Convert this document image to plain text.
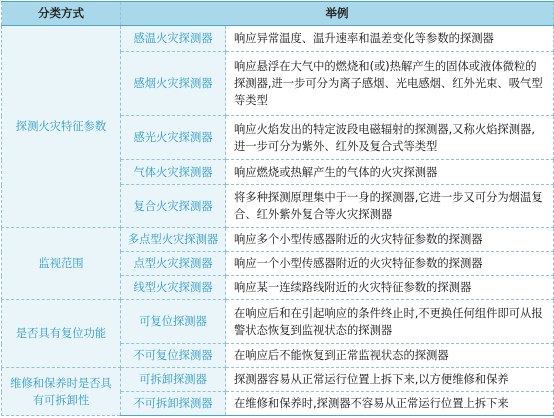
分类方式	举例	
探测火灾特征参数	感温火灾探测器	响应异常温度、温升速率和温差变化等参数的探测器
	感烟火灾探测器	响应悬浮在大气中的燃烧和(或)热解产生的固体或液体微粒的探测器,进一步可分为离子感烟、光电感烟、红外光束、吸气型等类型
	感光火灾探测器	响应火焰发出的特定波段电磁辐射的探测器,又称火焰探测器,进一步可分为紫外、红外及复合式等类型
	气体火灾探测器	响应燃烧或热解产生的气体的火灾探测器
	复合火灾探测器	将多种探测原理集中于一身的探测器,它进一步又可分为烟温复合、红外紫外复合等火灾探测器
监视范围	多点型火灾探测器	响应多个小型传感器附近的火灾特征参数的探测器
	点型火灾探测器	响应一个小型传感器附近的火灾特征参数的探测器
	线型火灾探测器	响应某一连续路线附近的火灾特征参数的探测器
是否具有复位功能	可复位探测器	在响应后和在引起响应的条件终止时,不更换任何组件即可从报警状态恢复到监视状态的探测器
	不可复位探测器	在响应后不能恢复到正常监视状态的探测器
维修和保养时是否具有可拆卸性	可拆卸探测器	探测器容易从正常运行位置上拆下来,以方便维修和保养
	不可拆卸探测器	在维修和保养时,探测器不容易从正常运行位置上拆下来
